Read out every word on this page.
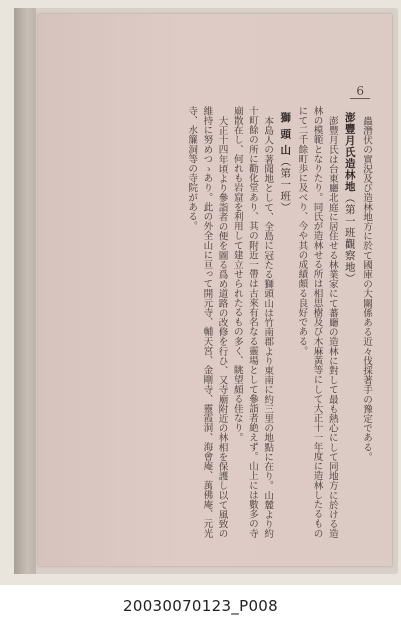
6

蟲潛伏の實況及び造林地方に於て國庫の大關係ある近々伐採著手の豫定である。

澎豐月氏造林地（第一班觀察地）

澎豐月氏は台東廳北庭に居住せる林業家にて蕃廳の造林に對して最も熱心にして同地方に於ける造林の模範となりたり。同氏が造林せる所は相思樹及び木麻黃等にして大正十一年度に造林したるものにて二千餘町歩に及べり、今や其の成績頗る良好である。

獅 頭 山（第一班）

本島人の著聞地として、全島に冠たる獅頭山は竹南郡より東南に約三里の地點に在り。山麓より約十町餘の所に勸化堂あり、其の附近一帶は古來有名なる靈場として參詣者絶えず。山上には數多の寺廟散在し、何れも岩窟を利用して建立せられたるもの多く、眺望頗る佳なり。

大正十四年頃より參詣者の便を圖る爲め道路の改修を行ひ、又寺廟附近の林相を保護し以て風致の維持に努めつゝあり。此の外全山に亘って開元寺、輔天宮、金剛寺、靈霞洞、海會庵、萬佛庵、元光寺、水簾洞等の寺院がある。

20030070123_P008
